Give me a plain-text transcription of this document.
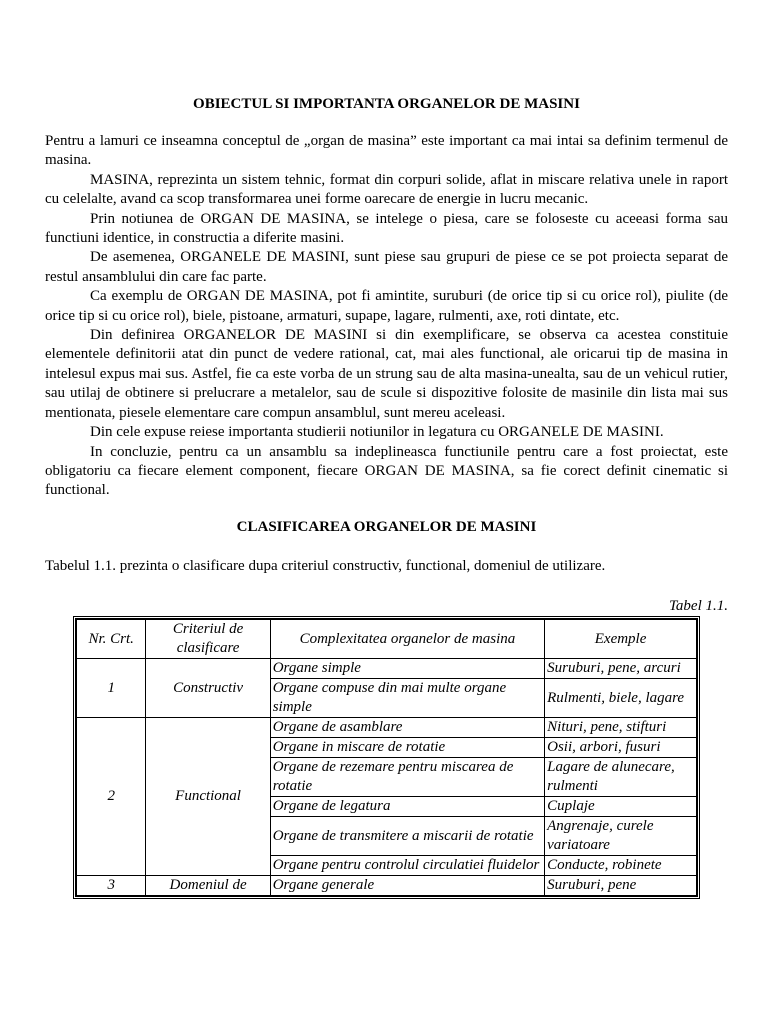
OBIECTUL SI IMPORTANTA ORGANELOR DE MASINI

Pentru a lamuri ce inseamna conceptul de „organ de masina” este important ca mai intai sa definim termenul de masina.

MASINA, reprezinta un sistem tehnic, format din corpuri solide, aflat in miscare relativa unele in raport cu celelalte, avand ca scop transformarea unei forme oarecare de energie in lucru mecanic.

Prin notiunea de ORGAN DE MASINA, se intelege o piesa, care se foloseste cu aceeasi forma sau functiuni identice, in constructia a diferite masini.

De asemenea, ORGANELE DE MASINI, sunt piese sau grupuri de piese ce se pot proiecta separat de restul ansamblului din care fac parte.

Ca exemplu de ORGAN DE MASINA, pot fi amintite, suruburi (de orice tip si cu orice rol), piulite (de orice tip si cu orice rol), biele, pistoane, armaturi, supape, lagare, rulmenti, axe, roti dintate, etc.

Din definirea ORGANELOR DE MASINI si din exemplificare, se observa ca acestea constituie elementele definitorii atat din punct de vedere rational, cat, mai ales functional, ale oricarui tip de masina in intelesul expus mai sus. Astfel, fie ca este vorba de un strung sau de alta masina-unealta, sau de un vehicul rutier, sau utilaj de obtinere si prelucrare a metalelor, sau de scule si dispozitive folosite de masinile din lista mai sus mentionata, piesele elementare care compun ansamblul, sunt mereu aceleasi.

Din cele expuse reiese importanta studierii notiunilor in legatura cu ORGANELE DE MASINI.

In concluzie, pentru ca un ansamblu sa indeplineasca functiunile pentru care a fost proiectat, este obligatoriu ca fiecare element component, fiecare ORGAN DE MASINA, sa fie corect definit cinematic si functional.

CLASIFICAREA ORGANELOR DE MASINI
Tabelul 1.1. prezinta o clasificare dupa criteriul constructiv, functional, domeniul de utilizare.
Tabel 1.1.
Nr. Crt.	Criteriul de clasificare	Complexitatea organelor de masina	Exemple
1	Constructiv	Organe simple	Suruburi, pene, arcuri
		Organe compuse din mai multe organe simple	Rulmenti, biele, lagare
2	Functional	Organe de asamblare	Nituri, pene, stifturi
		Organe in miscare de rotatie	Osii, arbori, fusuri
		Organe de rezemare pentru miscarea de rotatie	Lagare de alunecare, rulmenti
		Organe de legatura	Cuplaje
		Organe de transmitere a miscarii de rotatie	Angrenaje, curele variatoare
		Organe pentru controlul circulatiei fluidelor	Conducte, robinete
3	Domeniul de	Organe generale	Suruburi, pene
